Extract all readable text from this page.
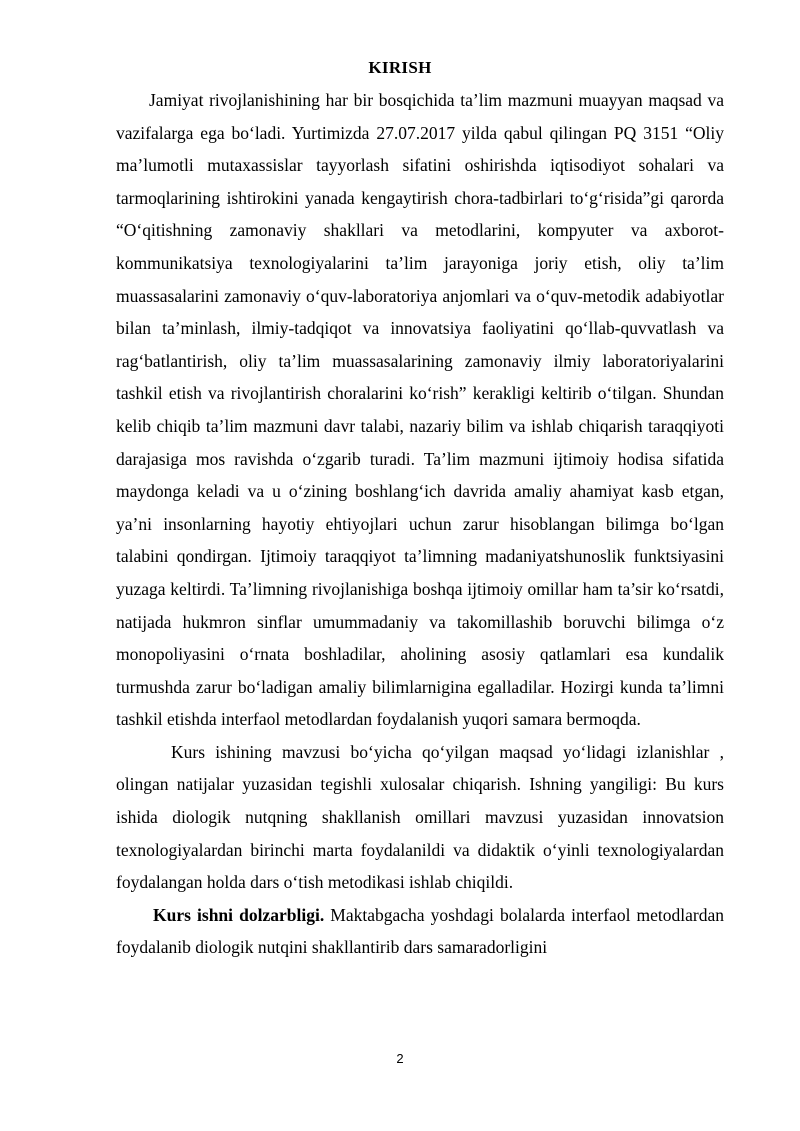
KIRISH

Jamiyat rivojlanishining har bir bosqichida ta’lim mazmuni muayyan maqsad va vazifalarga ega bo‘ladi. Yurtimizda 27.07.2017 yilda qabul qilingan PQ 3151 “Oliy ma’lumotli mutaxassislar tayyorlash sifatini oshirishda iqtisodiyot sohalari va tarmoqlarining ishtirokini yanada kengaytirish chora-tadbirlari to‘g‘risida”gi qarorda “O‘qitishning zamonaviy shakllari va metodlarini, kompyuter va axborot-kommunikatsiya texnologiyalarini ta’lim jarayoniga joriy etish, oliy ta’lim muassasalarini zamonaviy o‘quv-laboratoriya anjomlari va o‘quv-metodik adabiyotlar bilan ta’minlash, ilmiy-tadqiqot va innovatsiya faoliyatini qo‘llab-quvvatlash va rag‘batlantirish, oliy ta’lim muassasalarining zamonaviy ilmiy laboratoriyalarini tashkil etish va rivojlantirish choralarini ko‘rish” kerakligi keltirib o‘tilgan. Shundan kelib chiqib ta’lim mazmuni davr talabi, nazariy bilim va ishlab chiqarish taraqqiyoti darajasiga mos ravishda o‘zgarib turadi. Ta’lim mazmuni ijtimoiy hodisa sifatida maydonga keladi va u o‘zining boshlang‘ich davrida amaliy ahamiyat kasb etgan, ya’ni insonlarning hayotiy ehtiyojlari uchun zarur hisoblangan bilimga bo‘lgan talabini qondirgan. Ijtimoiy taraqqiyot ta’limning madaniyatshunoslik funktsiyasini yuzaga keltirdi. Ta’limning rivojlanishiga boshqa ijtimoiy omillar ham ta’sir ko‘rsatdi, natijada hukmron sinflar umummadaniy va takomillashib boruvchi bilimga o‘z monopoliyasini o‘rnata boshladilar, aholining asosiy qatlamlari esa kundalik turmushda zarur bo‘ladigan amaliy bilimlarnigina egalladilar. Hozirgi kunda ta’limni tashkil etishda interfaol metodlardan foydalanish yuqori samara bermoqda.

Kurs ishining mavzusi bo‘yicha qo‘yilgan maqsad yo‘lidagi izlanishlar , olingan natijalar yuzasidan tegishli xulosalar chiqarish. Ishning yangiligi: Bu kurs ishida diologik nutqning shakllanish omillari mavzusi yuzasidan innovatsion texnologiyalardan birinchi marta foydalanildi va didaktik o‘yinli texnologiyalardan foydalangan holda dars o‘tish metodikasi ishlab chiqildi.

Kurs ishni dolzarbligi. Maktabgacha yoshdagi bolalarda interfaol metodlardan foydalanib diologik nutqini shakllantirib dars samaradorligini

2
